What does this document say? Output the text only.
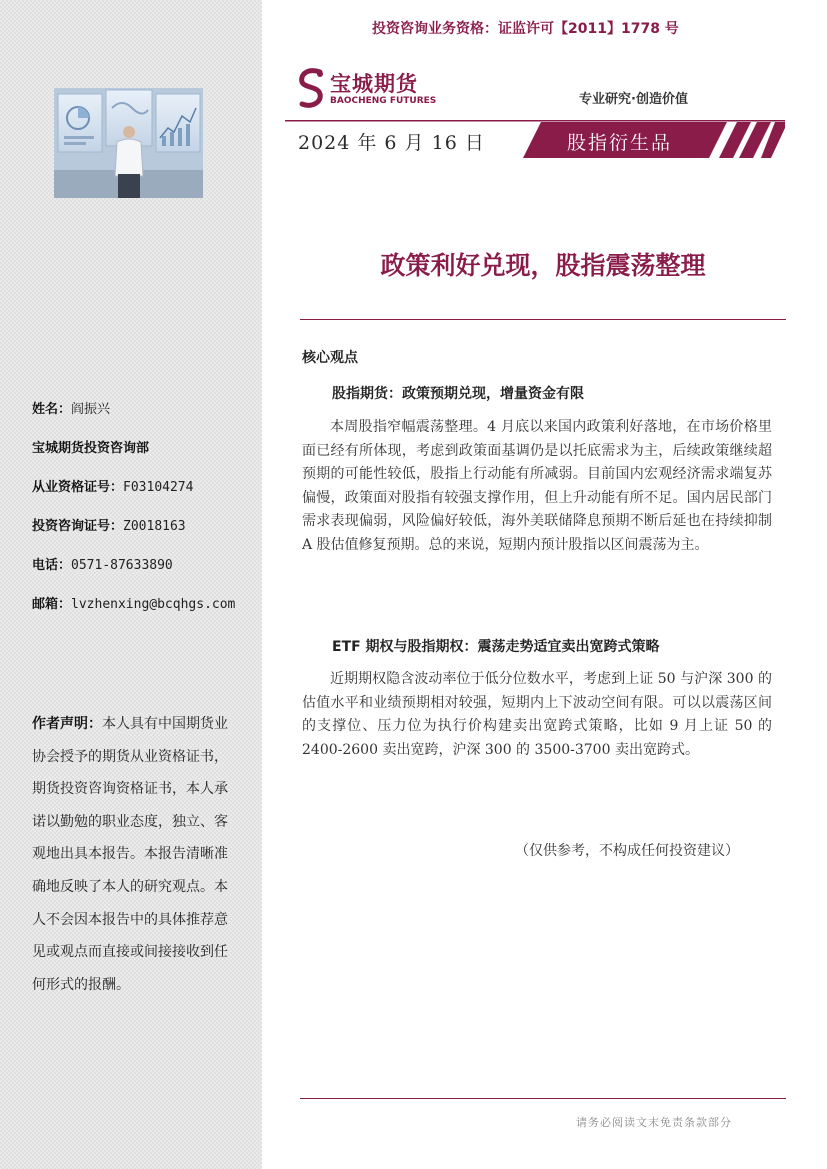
姓名：阎振兴
宝城期货投资咨询部
从业资格证号：F03104274
投资咨询证号：Z0018163
电话：0571-87633890
邮箱：lvzhenxing@bcqhgs.com
作者声明：本人具有中国期货业协会授予的期货从业资格证书，期货投资咨询资格证书，本人承诺以勤勉的职业态度，独立、客观地出具本报告。本报告清晰准确地反映了本人的研究观点。本人不会因本报告中的具体推荐意见或观点而直接或间接接收到任何形式的报酬。
投资咨询业务资格：证监许可【2011】1778 号
宝城期货
BAOCHENG FUTURES	专业研究·创造价值
2024 年 6 月 16 日	股指衍生品
政策利好兑现，股指震荡整理
核心观点
股指期货：政策预期兑现，增量资金有限
本周股指窄幅震荡整理。4 月底以来国内政策利好落地，在市场价格里面已经有所体现，考虑到政策面基调仍是以托底需求为主，后续政策继续超预期的可能性较低，股指上行动能有所减弱。目前国内宏观经济需求端复苏偏慢，政策面对股指有较强支撑作用，但上升动能有所不足。国内居民部门需求表现偏弱，风险偏好较低，海外美联储降息预期不断后延也在持续抑制 A 股估值修复预期。总的来说，短期内预计股指以区间震荡为主。
ETF 期权与股指期权：震荡走势适宜卖出宽跨式策略
近期期权隐含波动率位于低分位数水平，考虑到上证 50 与沪深 300 的估值水平和业绩预期相对较强，短期内上下波动空间有限。可以以震荡区间的支撑位、压力位为执行价构建卖出宽跨式策略，比如 9 月上证 50 的 2400-2600 卖出宽跨，沪深 300 的 3500-3700 卖出宽跨式。
（仅供参考，不构成任何投资建议）
请务必阅读文末免责条款部分
